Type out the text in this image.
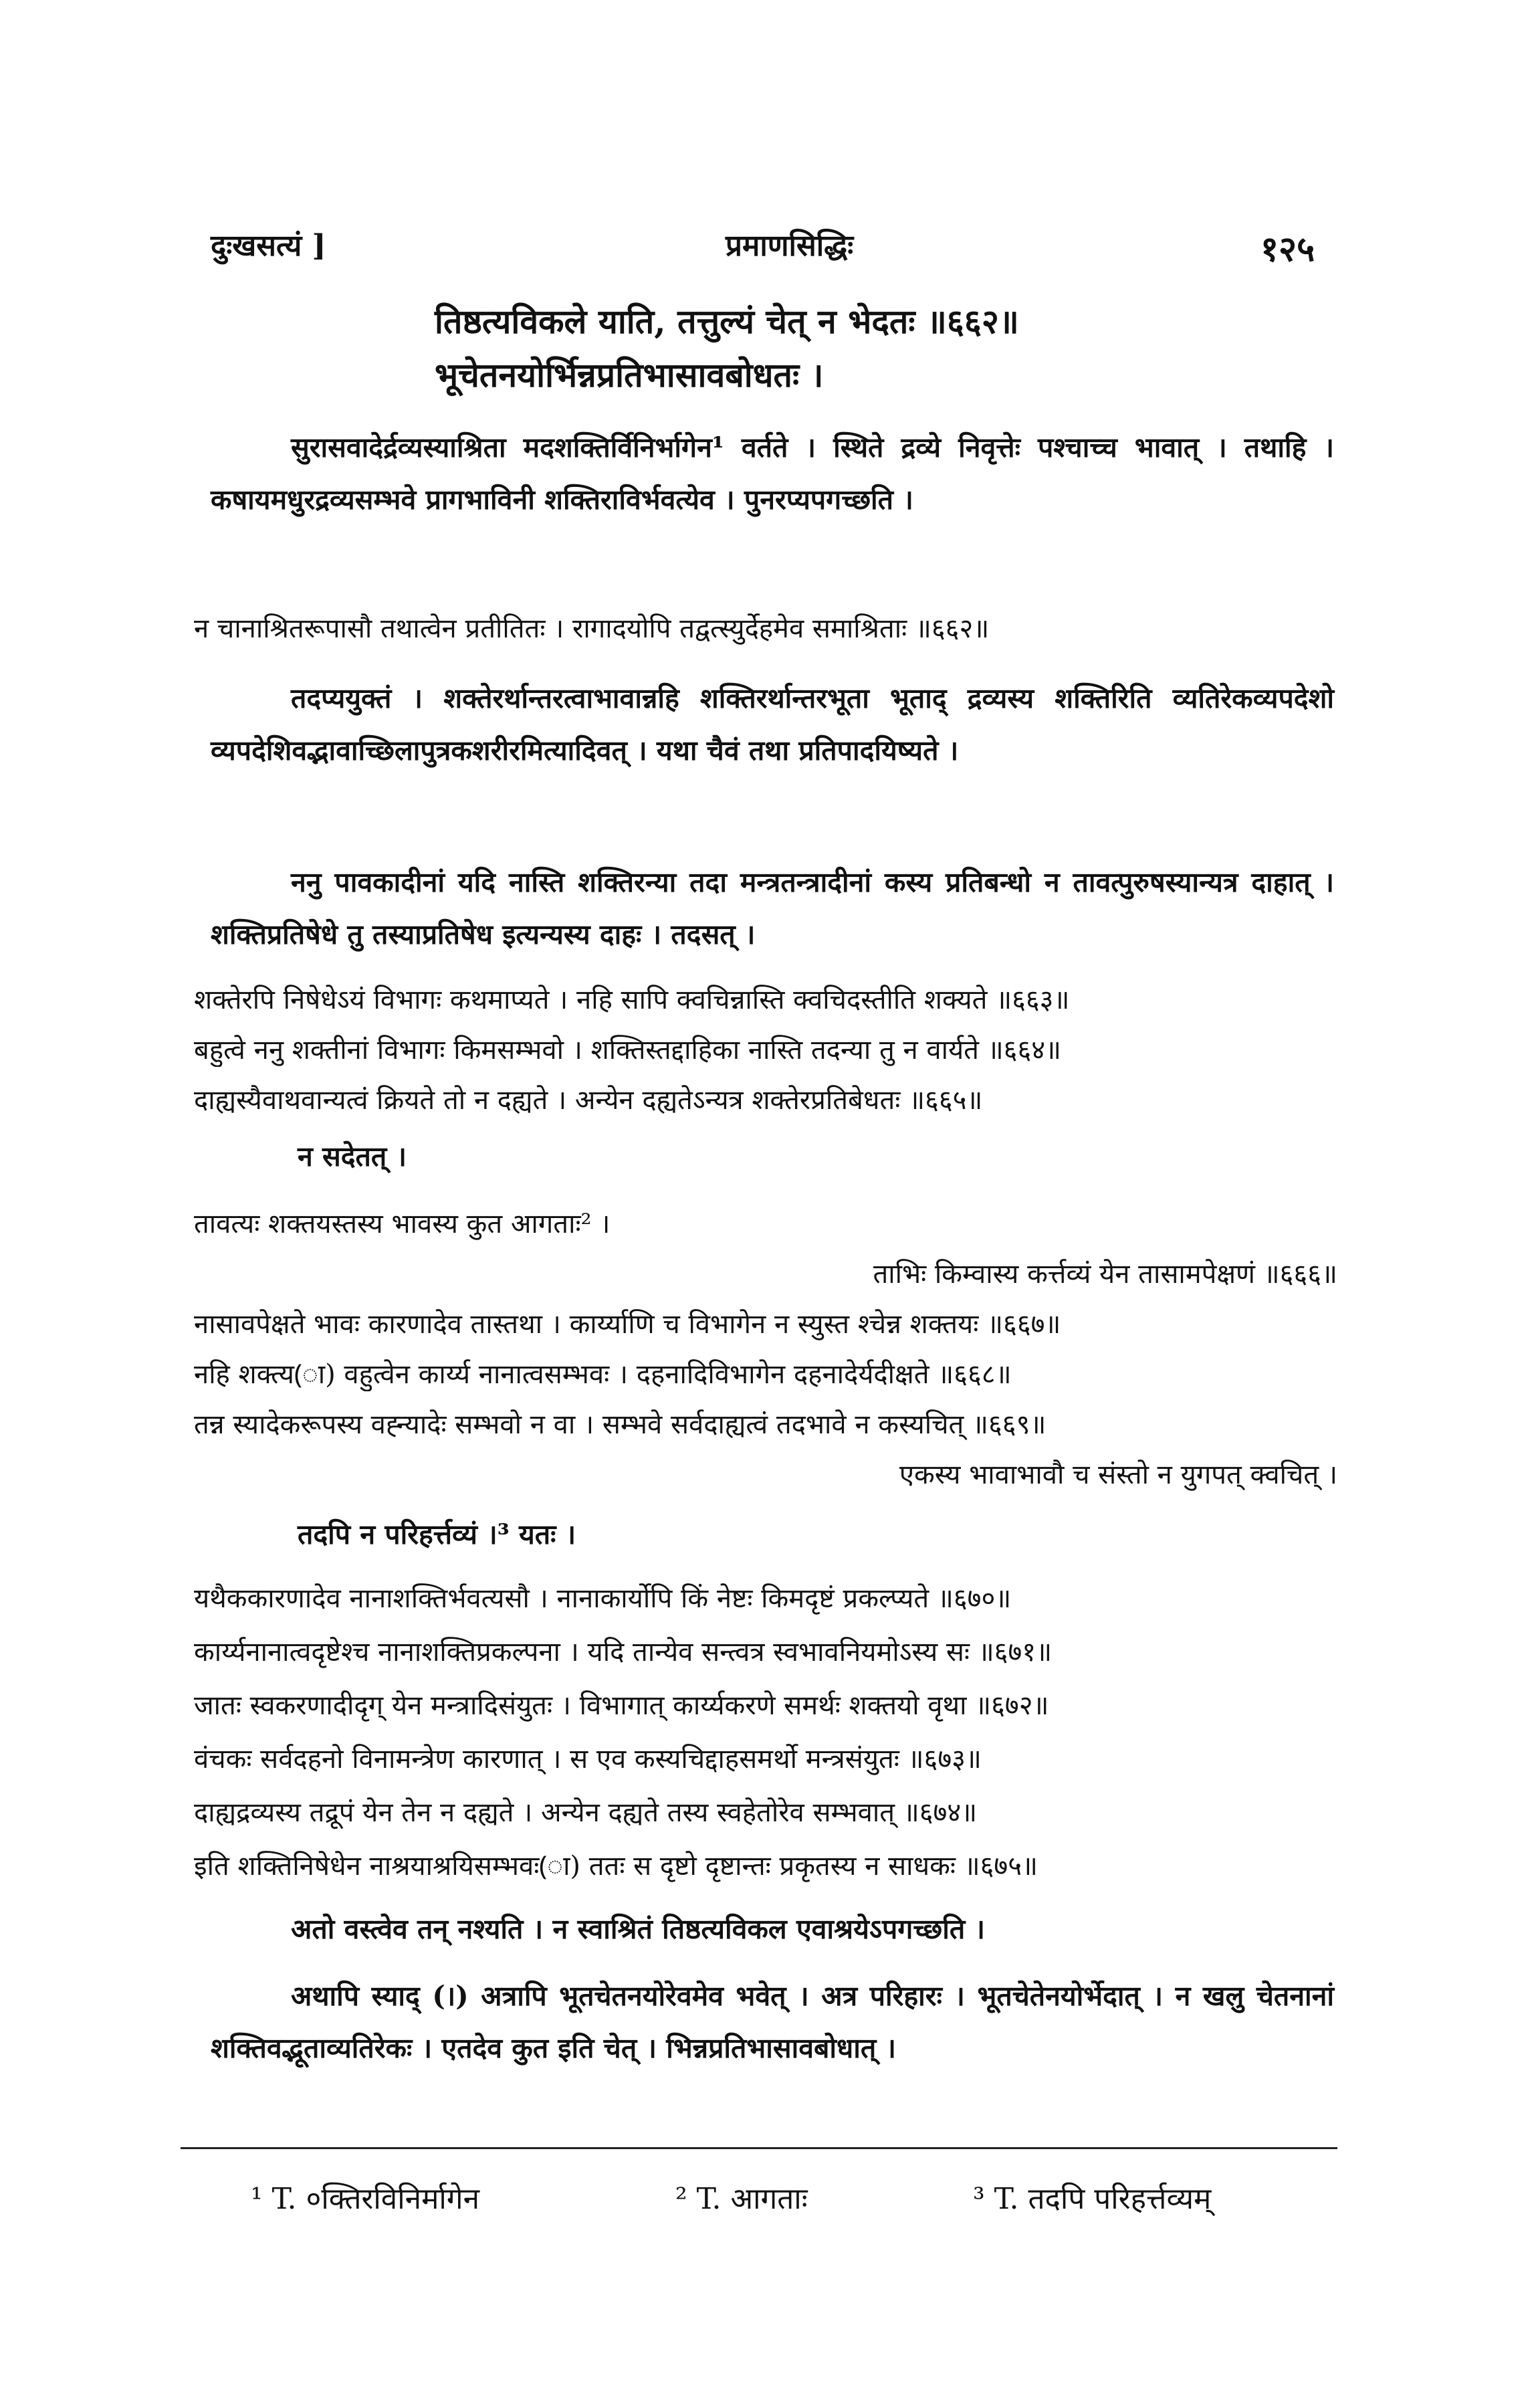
दुःखसत्यं ]	प्रमाणसिद्धिः	१२५
तिष्ठत्यविकले याति, तत्तुल्यं चेत् न भेदतः ॥६६२॥
भूचेतनयोर्भिन्नप्रतिभासावबोधतः ।
सुरासवादेर्द्रव्यस्याश्रिता मदशक्तिर्विनिर्भागेन¹ वर्तते । स्थिते द्रव्ये निवृत्तेः पश्चाच्च भावात् । तथाहि । कषायमधुरद्रव्यसम्भवे प्रागभाविनी शक्तिराविर्भवत्येव । पुनरप्यपगच्छति ।
न चानाश्रितरूपासौ तथात्वेन प्रतीतितः । रागादयोपि तद्वत्स्युर्देहमेव समाश्रिताः ॥६६२॥
तदप्ययुक्तं । शक्तेरर्थान्तरत्वाभावान्नहि शक्तिरर्थान्तरभूता भूताद् द्रव्यस्य शक्तिरिति व्यतिरेकव्यपदेशो व्यपदेशिवद्भावाच्छिलापुत्रकशरीरमित्यादिवत् । यथा चैवं तथा प्रतिपादयिष्यते ।
ननु पावकादीनां यदि नास्ति शक्तिरन्या तदा मन्त्रतन्त्रादीनां कस्य प्रतिबन्धो न तावत्पुरुषस्यान्यत्र दाहात् । शक्तिप्रतिषेधे तु तस्याप्रतिषेध इत्यन्यस्य दाहः । तदसत् ।
शक्तेरपि निषेधेऽयं विभागः कथमाप्यते । नहि सापि क्वचिन्नास्ति क्वचिदस्तीति शक्यते ॥६६३॥
बहुत्वे ननु शक्तीनां विभागः किमसम्भवो । शक्तिस्तद्दाहिका नास्ति तदन्या तु न वार्यते ॥६६४॥
दाह्यस्यैवाथवान्यत्वं क्रियते तो न दह्यते । अन्येन दह्यतेऽन्यत्र शक्तेरप्रतिबेधतः ॥६६५॥
न सदेतत् ।
तावत्यः शक्तयस्तस्य भावस्य कुत आगताः² ।
ताभिः किम्वास्य कर्त्तव्यं येन तासामपेक्षणं ॥६६६॥
नासावपेक्षते भावः कारणादेव तास्तथा । कार्य्याणि च विभागेन न स्युस्त श्चेन्न शक्तयः ॥६६७॥
नहि शक्त्य(ा) वहुत्वेन कार्य्य नानात्वसम्भवः । दहनादिविभागेन दहनादेर्यदीक्षते ॥६६८॥
तन्न स्यादेकरूपस्य वह्न्यादेः सम्भवो न वा । सम्भवे सर्वदाह्यत्वं तदभावे न कस्यचित् ॥६६९॥
एकस्य भावाभावौ च संस्तो न युगपत् क्वचित् ।
तदपि न परिहर्त्तव्यं ।³ यतः ।
यथैककारणादेव नानाशक्तिर्भवत्यसौ । नानाकार्योपि किं नेष्टः किमदृष्टं प्रकल्प्यते ॥६७०॥
कार्य्यनानात्वदृष्टेश्च नानाशक्तिप्रकल्पना । यदि तान्येव सन्त्वत्र स्वभावनियमोऽस्य सः ॥६७१॥
जातः स्वकरणादीदृग् येन मन्त्रादिसंयुतः । विभागात् कार्य्यकरणे समर्थः शक्तयो वृथा ॥६७२॥
वंचकः सर्वदहनो विनामन्त्रेण कारणात् । स एव कस्यचिद्दाहसमर्थो मन्त्रसंयुतः ॥६७३॥
दाह्यद्रव्यस्य तद्रूपं येन तेन न दह्यते । अन्येन दह्यते तस्य स्वहेतोरेव सम्भवात् ॥६७४॥
इति शक्तिनिषेधेन नाश्रयाश्रयिसम्भवः(ा) ततः स दृष्टो दृष्टान्तः प्रकृतस्य न साधकः ॥६७५॥
अतो वस्त्वेव तन् नश्यति । न स्वाश्रितं तिष्ठत्यविकल एवाश्रयेऽपगच्छति ।
अथापि स्याद् (।) अत्रापि भूतचेतनयोरेवमेव भवेत् । अत्र परिहारः । भूतचेतेनयोर्भेदात् । न खलु चेतनानां शक्तिवद्भूताव्यतिरेकः । एतदेव कुत इति चेत् । भिन्नप्रतिभासावबोधात् ।
¹ T. ०क्तिरविनिर्मागेन	² T. आगताः	³ T. तदपि परिहर्त्तव्यम्
